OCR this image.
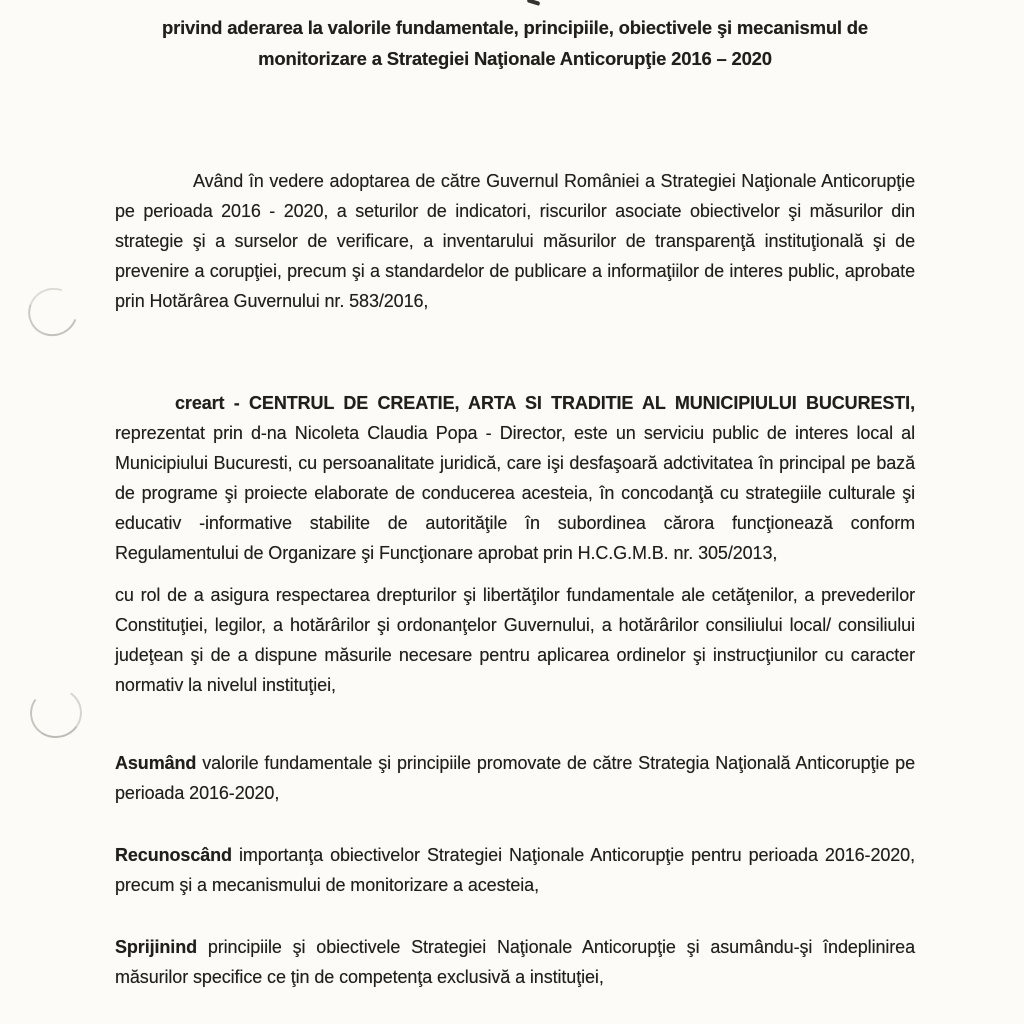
privind aderarea la valorile fundamentale, principiile, obiectivele şi mecanismul de
monitorizare a Strategiei Naţionale Anticorupţie 2016 – 2020

Având în vedere adoptarea de către Guvernul României a Strategiei Naţionale Anticorupţie pe perioada 2016 - 2020, a seturilor de indicatori, riscurilor asociate obiectivelor şi măsurilor din strategie şi a surselor de verificare, a inventarului măsurilor de transparenţă instituţională şi de prevenire a corupţiei, precum şi a standardelor de publicare a informaţiilor de interes public, aprobate prin Hotărârea Guvernului nr. 583/2016,

creart - CENTRUL DE CREATIE, ARTA SI TRADITIE AL MUNICIPIULUI BUCURESTI, reprezentat prin d-na Nicoleta Claudia Popa - Director, este un serviciu public de interes local al Municipiului Bucuresti, cu persoanalitate juridică, care işi desfaşoară adctivitatea în principal pe bază de programe şi proiecte elaborate de conducerea acesteia, în concodanţă cu strategiile culturale şi educativ -informative stabilite de autorităţile în subordinea cărora funcţionează conform Regulamentului de Organizare şi Funcţionare aprobat prin H.C.G.M.B. nr. 305/2013,

cu rol de a asigura respectarea drepturilor şi libertăţilor fundamentale ale cetăţenilor, a prevederilor Constituţiei, legilor, a hotărârilor şi ordonanţelor Guvernului, a hotărârilor consiliului local/ consiliului judeţean şi de a dispune măsurile necesare pentru aplicarea ordinelor şi instrucţiunilor cu caracter normativ la nivelul instituţiei,

Asumând valorile fundamentale şi principiile promovate de către Strategia Naţională Anticorupţie pe perioada 2016-2020,

Recunoscând importanţa obiectivelor Strategiei Naţionale Anticorupţie pentru perioada 2016-2020, precum şi a mecanismului de monitorizare a acesteia,

Sprijinind principiile şi obiectivele Strategiei Naţionale Anticorupţie şi asumându-şi îndeplinirea măsurilor specifice ce ţin de competenţa exclusivă a instituţiei,
